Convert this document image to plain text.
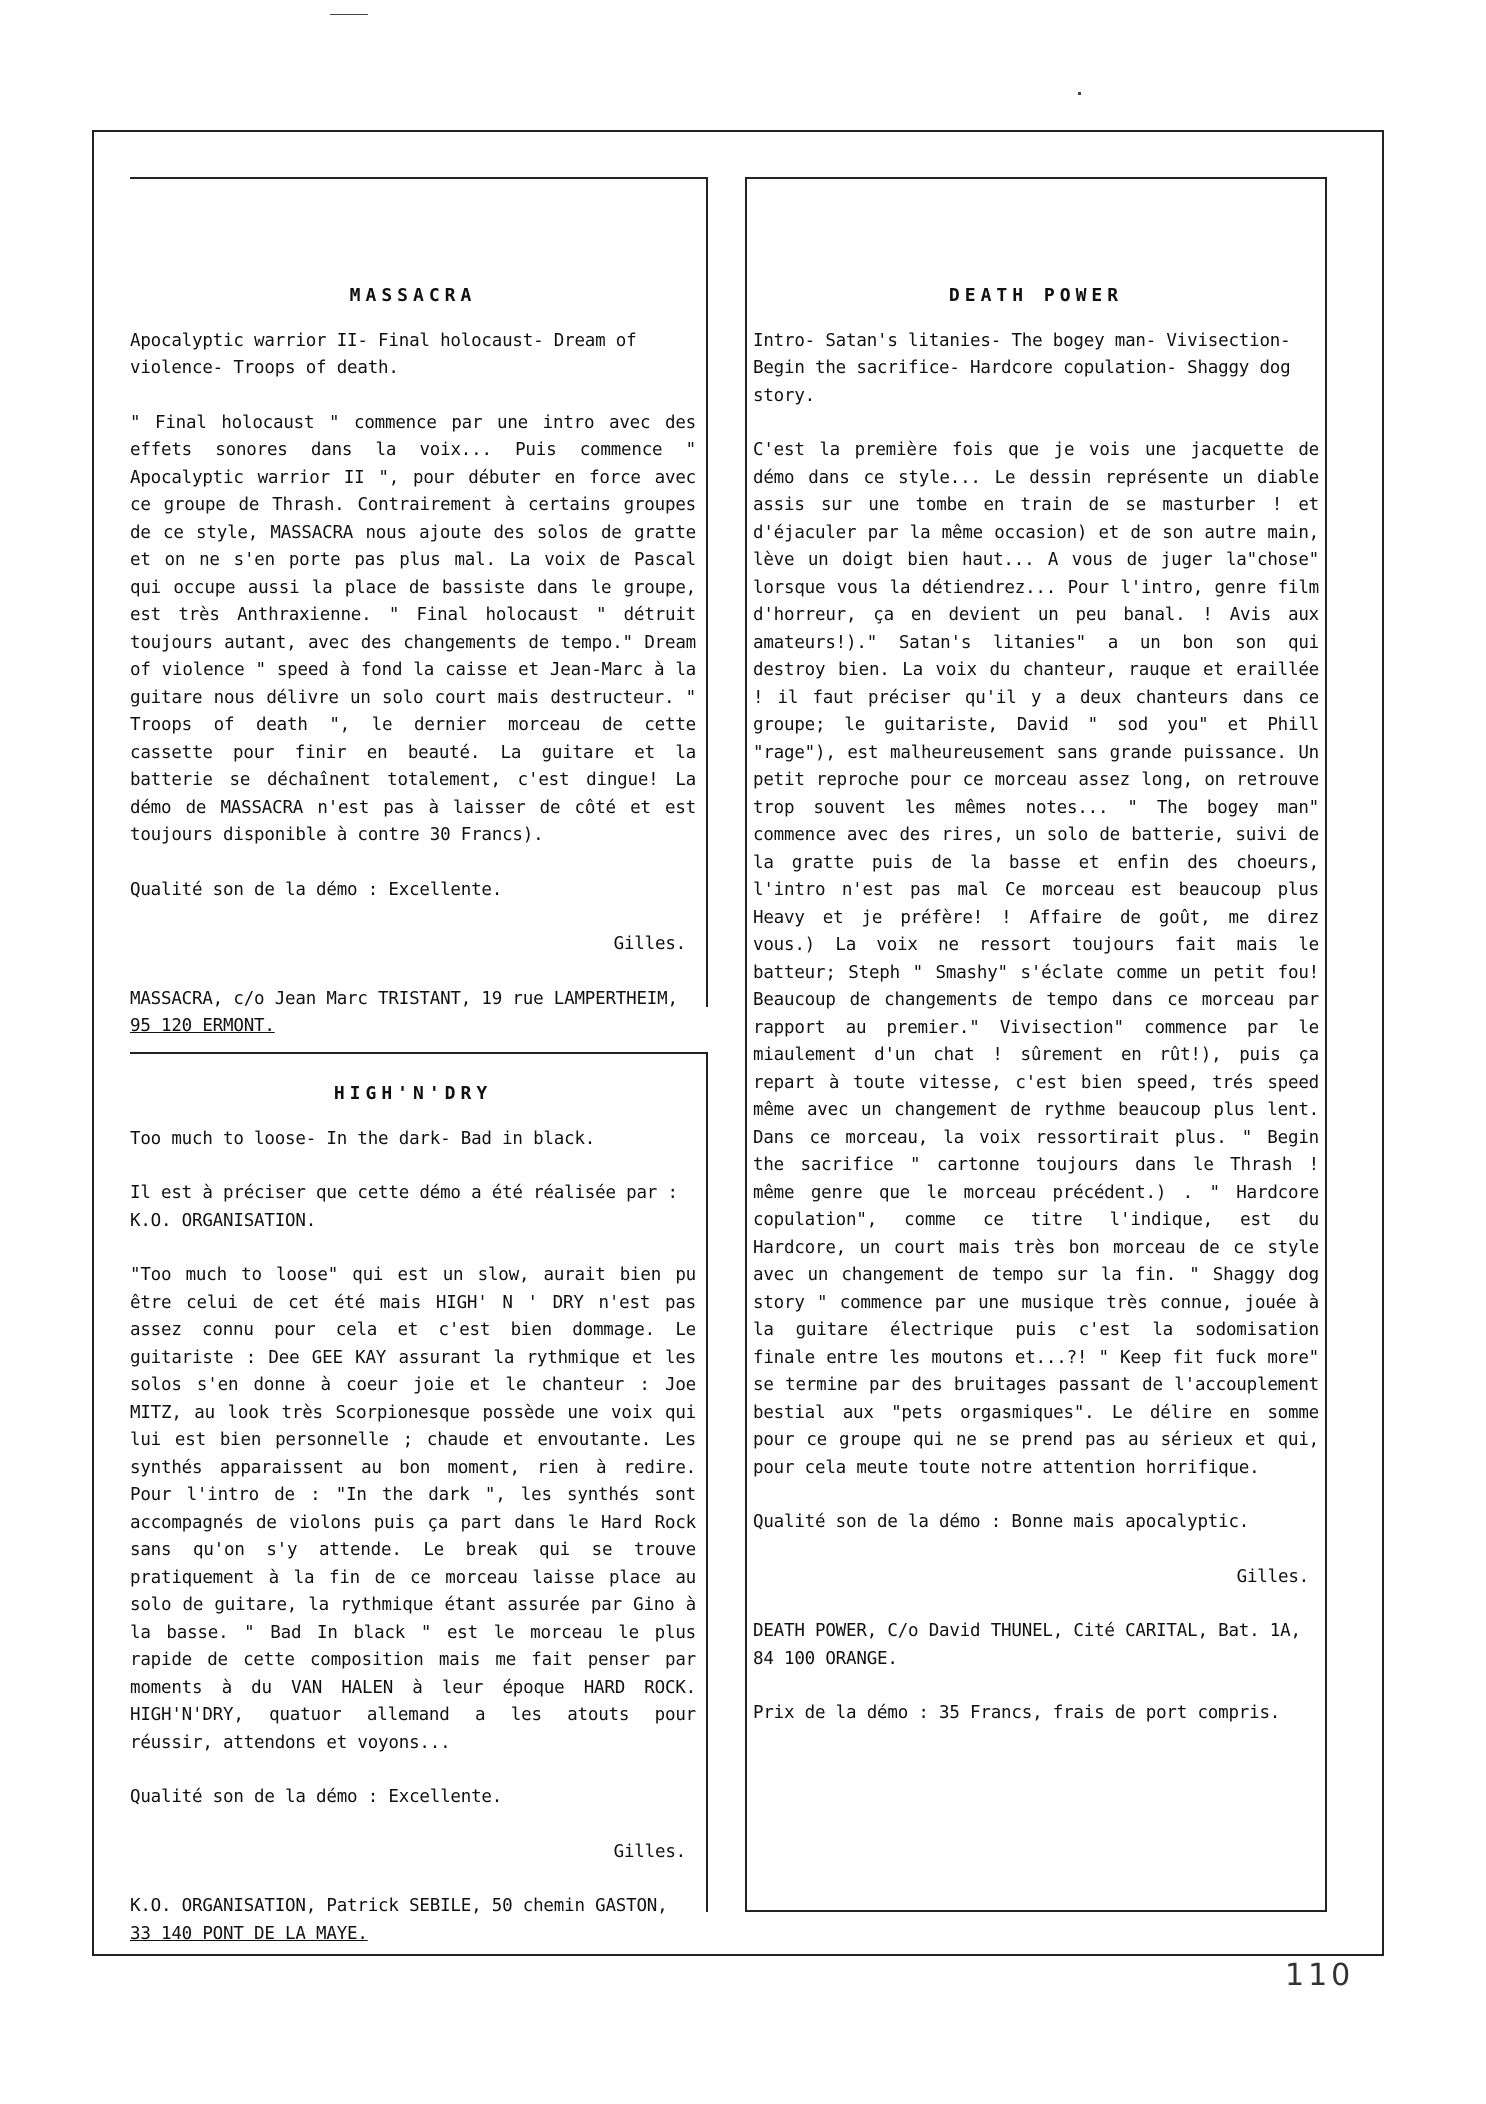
MASSACRA

Apocalyptic warrior II- Final holocaust- Dream of violence- Troops of death.

" Final holocaust " commence par une intro avec des effets sonores dans la voix... Puis commence " Apocalyptic warrior II ", pour débuter en force avec ce groupe de Thrash. Contrairement à certains groupes de ce style, MASSACRA nous ajoute des solos de gratte et on ne s'en porte pas plus mal. La voix de Pascal qui occupe aussi la place de bassiste dans le groupe, est très Anthraxienne. " Final holocaust " détruit toujours autant, avec des changements de tempo." Dream of violence " speed à fond la caisse et Jean-Marc à la guitare nous délivre un solo court mais destructeur. " Troops of death ", le dernier morceau de cette cassette pour finir en beauté. La guitare et la batterie se déchaînent totalement, c'est dingue! La démo de MASSACRA n'est pas à laisser de côté et est toujours disponible à contre 30 Francs).

Qualité son de la démo : Excellente.

Gilles.

MASSACRA, c/o Jean Marc TRISTANT, 19 rue LAMPERTHEIM,
95 120 ERMONT.

HIGH'N'DRY

Too much to loose- In the dark- Bad in black.

Il est à préciser que cette démo a été réalisée par : K.O. ORGANISATION.

"Too much to loose" qui est un slow, aurait bien pu être celui de cet été mais HIGH' N ' DRY n'est pas assez connu pour cela et c'est bien dommage. Le guitariste : Dee GEE KAY assurant la rythmique et les solos s'en donne à coeur joie et le chanteur : Joe MITZ, au look très Scorpionesque possède une voix qui lui est bien personnelle ; chaude et envoutante. Les synthés apparaissent au bon moment, rien à redire. Pour l'intro de : "In the dark ", les synthés sont accompagnés de violons puis ça part dans le Hard Rock sans qu'on s'y attende. Le break qui se trouve pratiquement à la fin de ce morceau laisse place au solo de guitare, la rythmique étant assurée par Gino à la basse. " Bad In black " est le morceau le plus rapide de cette composition mais me fait penser par moments à du VAN HALEN à leur époque HARD ROCK. HIGH'N'DRY, quatuor allemand a les atouts pour réussir, attendons et voyons...

Qualité son de la démo : Excellente.

Gilles.

K.O. ORGANISATION, Patrick SEBILE, 50 chemin GASTON,
33 140 PONT DE LA MAYE.

DEATH POWER

Intro- Satan's litanies- The bogey man- Vivisection- Begin the sacrifice- Hardcore copulation- Shaggy dog story.

C'est la première fois que je vois une jacquette de démo dans ce style... Le dessin représente un diable assis sur une tombe en train de se masturber ! et d'éjaculer par la même occasion) et de son autre main, lève un doigt bien haut... A vous de juger la"chose" lorsque vous la détiendrez... Pour l'intro, genre film d'horreur, ça en devient un peu banal. ! Avis aux amateurs!)." Satan's litanies" a un bon son qui destroy bien. La voix du chanteur, rauque et eraillée ! il faut préciser qu'il y a deux chanteurs dans ce groupe; le guitariste, David " sod you" et Phill "rage"), est malheureusement sans grande puissance. Un petit reproche pour ce morceau assez long, on retrouve trop souvent les mêmes notes... " The bogey man" commence avec des rires, un solo de batterie, suivi de la gratte puis de la basse et enfin des choeurs, l'intro n'est pas mal Ce morceau est beaucoup plus Heavy et je préfère! ! Affaire de goût, me direz vous.) La voix ne ressort toujours fait mais le batteur; Steph " Smashy" s'éclate comme un petit fou! Beaucoup de changements de tempo dans ce morceau par rapport au premier." Vivisection" commence par le miaulement d'un chat ! sûrement en rût!), puis ça repart à toute vitesse, c'est bien speed, trés speed même avec un changement de rythme beaucoup plus lent. Dans ce morceau, la voix ressortirait plus. " Begin the sacrifice " cartonne toujours dans le Thrash ! même genre que le morceau précédent.) . " Hardcore copulation", comme ce titre l'indique, est du Hardcore, un court mais très bon morceau de ce style avec un changement de tempo sur la fin. " Shaggy dog story " commence par une musique très connue, jouée à la guitare électrique puis c'est la sodomisation finale entre les moutons et...?! " Keep fit fuck more" se termine par des bruitages passant de l'accouplement bestial aux "pets orgasmiques". Le délire en somme pour ce groupe qui ne se prend pas au sérieux et qui, pour cela meute toute notre attention horrifique.

Qualité son de la démo : Bonne mais apocalyptic.

Gilles.

DEATH POWER, C/o David THUNEL, Cité CARITAL, Bat. 1A, 84 100 ORANGE.

Prix de la démo : 35 Francs, frais de port compris.

110
